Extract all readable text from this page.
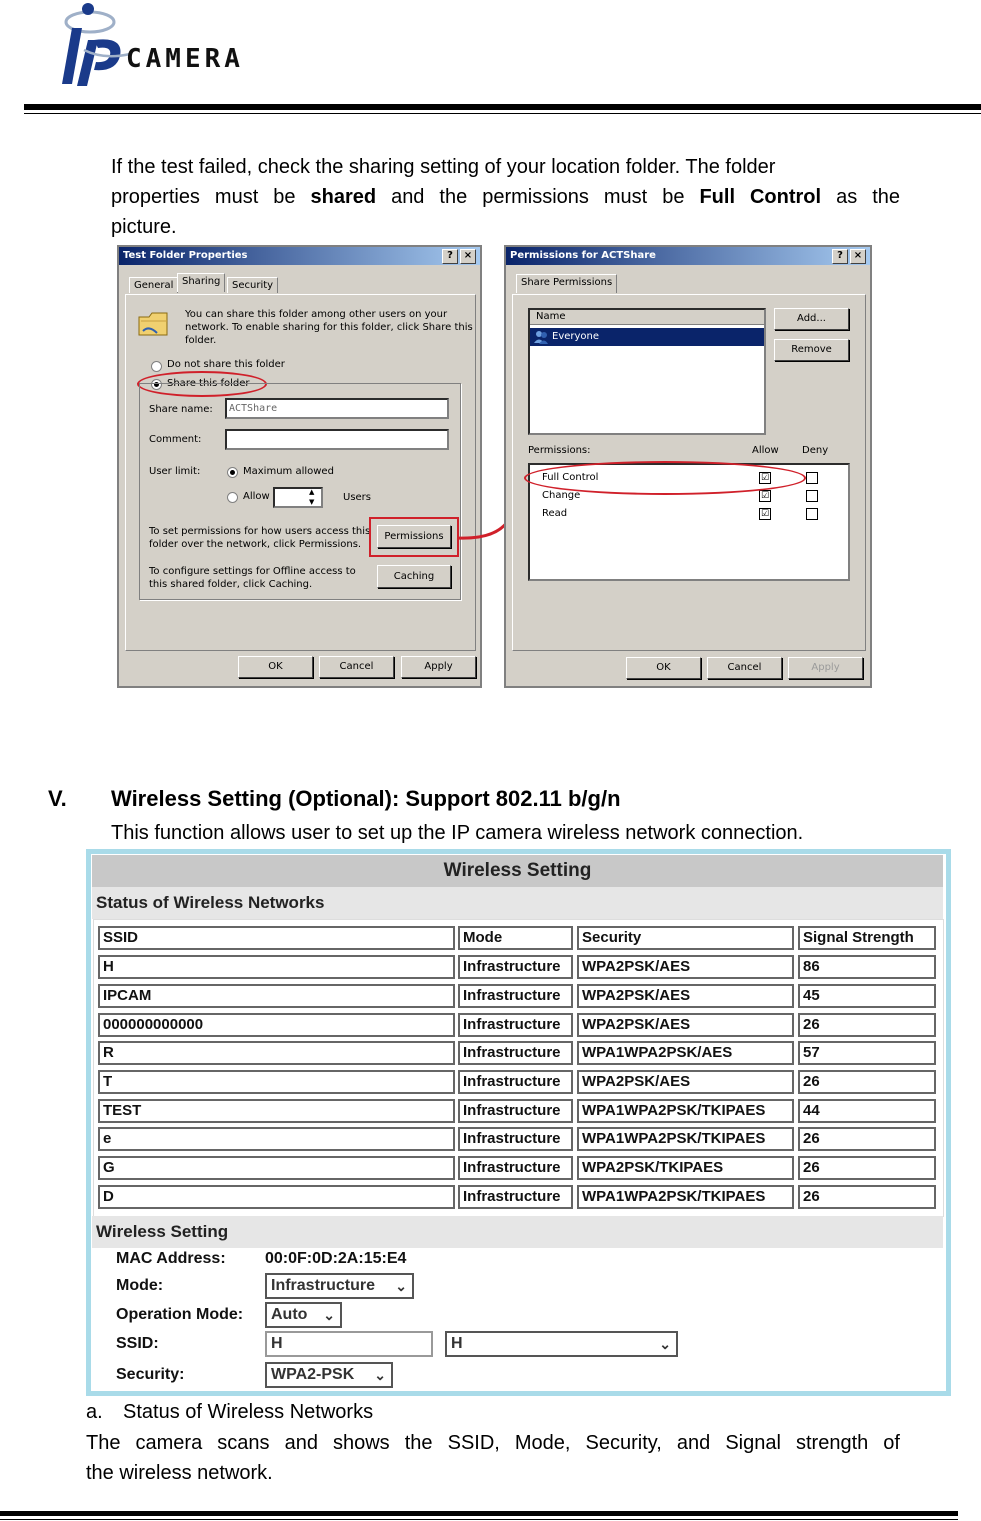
CAMERA
If the test failed, check the sharing setting of your location folder. The folder
properties must be shared and the permissions must be Full Control as the
picture.
Test Folder Properties	?	×
General Sharing	Security
You can share this folder among other users on your
network. To enable sharing for this folder, click Share this
folder.
Do not share this folder
Share this folder
Share name:	ACTShare
Comment:
User limit:	Maximum allowed
Allow	▲
▼	Users
To set permissions for how users access this
folder over the network, click Permissions.
Permissions
To configure settings for Offline access to
this shared folder, click Caching.
Caching
OK	Cancel	Apply
Permissions for ACTShare	?	×
Share Permissions
Name
Everyone
Add...
Remove
Permissions:	Allow Deny
Full Control	☑
Change	☑
Read	☑
OK	Cancel	Apply
V. Wireless Setting (Optional): Support 802.11 b/g/n
This function allows user to set up the IP camera wireless network connection.
Wireless Setting
Status of Wireless Networks
SSID	Mode	Security	Signal Strength
H	Infrastructure	WPA2PSK/AES	86
IPCAM	Infrastructure	WPA2PSK/AES	45
000000000000	Infrastructure	WPA2PSK/AES	26
R	Infrastructure	WPA1WPA2PSK/AES	57
T	Infrastructure	WPA2PSK/AES	26
TEST	Infrastructure	WPA1WPA2PSK/TKIPAES	44
e	Infrastructure	WPA1WPA2PSK/TKIPAES	26
G	Infrastructure	WPA2PSK/TKIPAES	26
D	Infrastructure	WPA1WPA2PSK/TKIPAES	26
Wireless Setting
MAC Address: 00:0F:0D:2A:15:E4
Mode:	Infrastructure ⌄
Operation Mode:	Auto ⌄
SSID:	H	H	⌄
Security:	WPA2-PSK ⌄
a. Status of Wireless Networks
The camera scans and shows the SSID, Mode, Security, and Signal strength of
the wireless network.
